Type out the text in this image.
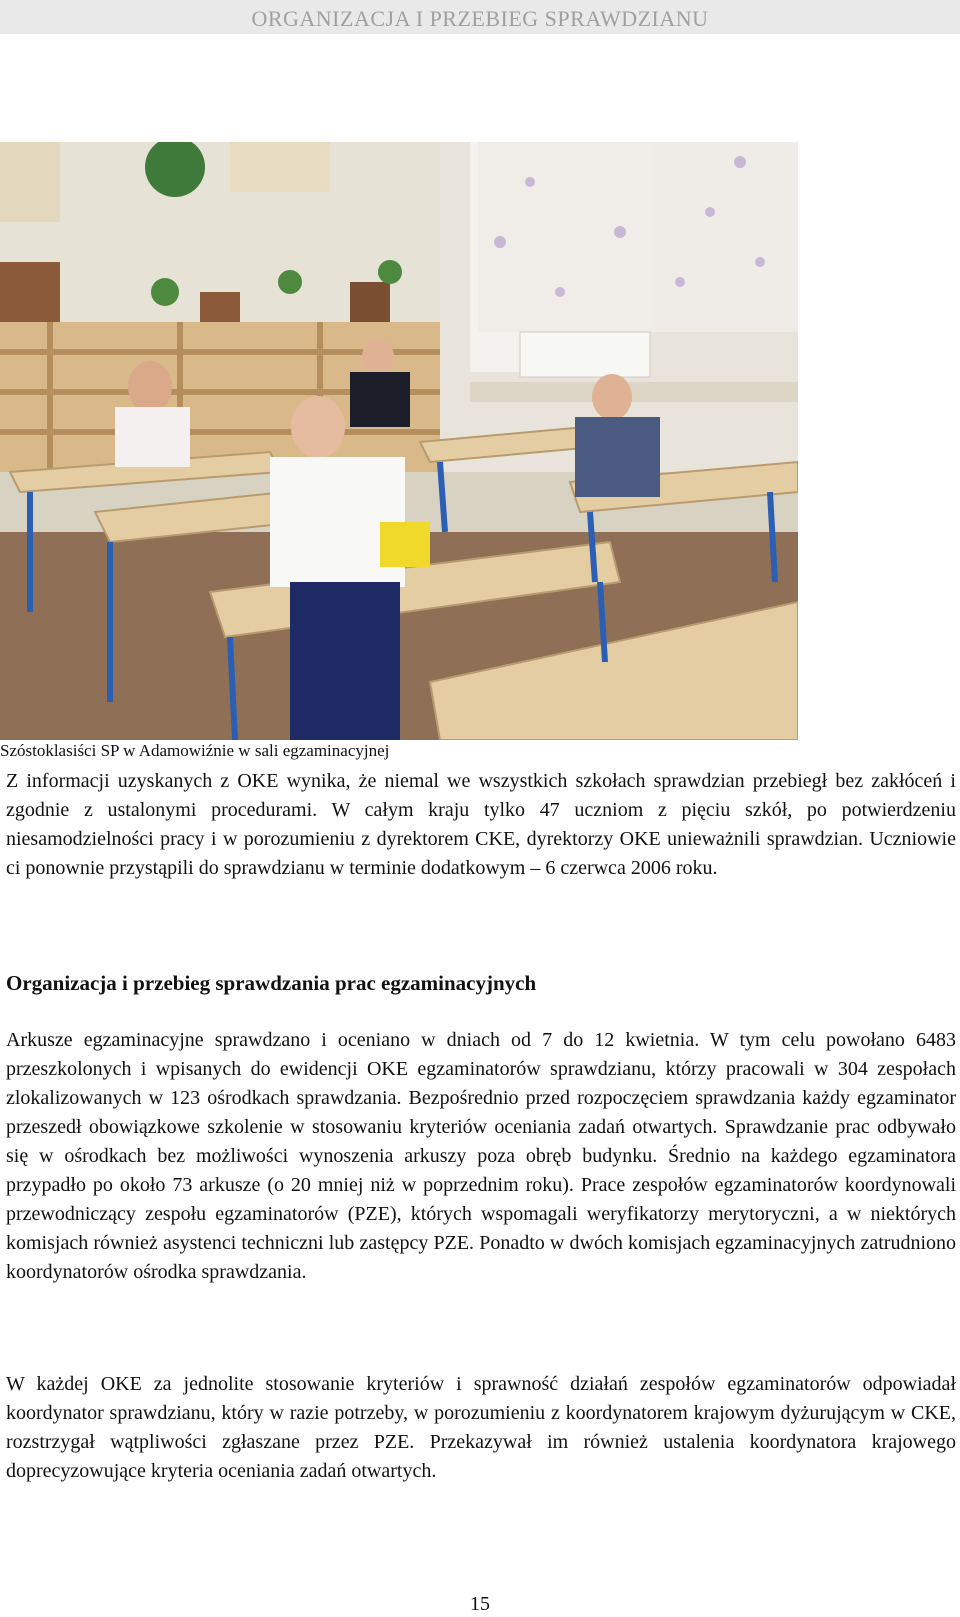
ORGANIZACJA I PRZEBIEG SPRAWDZIANU
Szóstoklasiści SP w Adamowiźnie w sali egzaminacyjnej

Z informacji uzyskanych z OKE wynika, że niemal we wszystkich szkołach sprawdzian przebiegł bez zakłóceń i zgodnie z ustalonymi procedurami. W całym kraju tylko 47 uczniom z pięciu szkół, po potwierdzeniu niesamodzielności pracy i w porozumieniu z dyrektorem CKE, dyrektorzy OKE unieważnili sprawdzian. Uczniowie ci ponownie przystąpili do sprawdzianu w terminie dodatkowym – 6 czerwca 2006 roku.

Organizacja i przebieg sprawdzania prac egzaminacyjnych

Arkusze egzaminacyjne sprawdzano i oceniano w dniach od 7 do 12 kwietnia. W tym celu powołano 6483 przeszkolonych i wpisanych do ewidencji OKE egzaminatorów sprawdzianu, którzy pracowali w 304 zespołach zlokalizowanych w 123 ośrodkach sprawdzania. Bezpośrednio przed rozpoczęciem sprawdzania każdy egzaminator przeszedł obowiązkowe szkolenie w stosowaniu kryteriów oceniania zadań otwartych. Sprawdzanie prac odbywało się w ośrodkach bez możliwości wynoszenia arkuszy poza obręb budynku. Średnio na każdego egzaminatora przypadło po około 73 arkusze (o 20 mniej niż w poprzednim roku). Prace zespołów egzaminatorów koordynowali przewodniczący zespołu egzaminatorów (PZE), których wspomagali weryfikatorzy merytoryczni, a w niektórych komisjach również asystenci techniczni lub zastępcy PZE. Ponadto w dwóch komisjach egzaminacyjnych zatrudniono koordynatorów ośrodka sprawdzania.

W każdej OKE za jednolite stosowanie kryteriów i sprawność działań zespołów egzaminatorów odpowiadał koordynator sprawdzianu, który w razie potrzeby, w porozumieniu z koordynatorem krajowym dyżurującym w CKE, rozstrzygał wątpliwości zgłaszane przez PZE. Przekazywał im również ustalenia koordynatora krajowego doprecyzowujące kryteria oceniania zadań otwartych.

15
